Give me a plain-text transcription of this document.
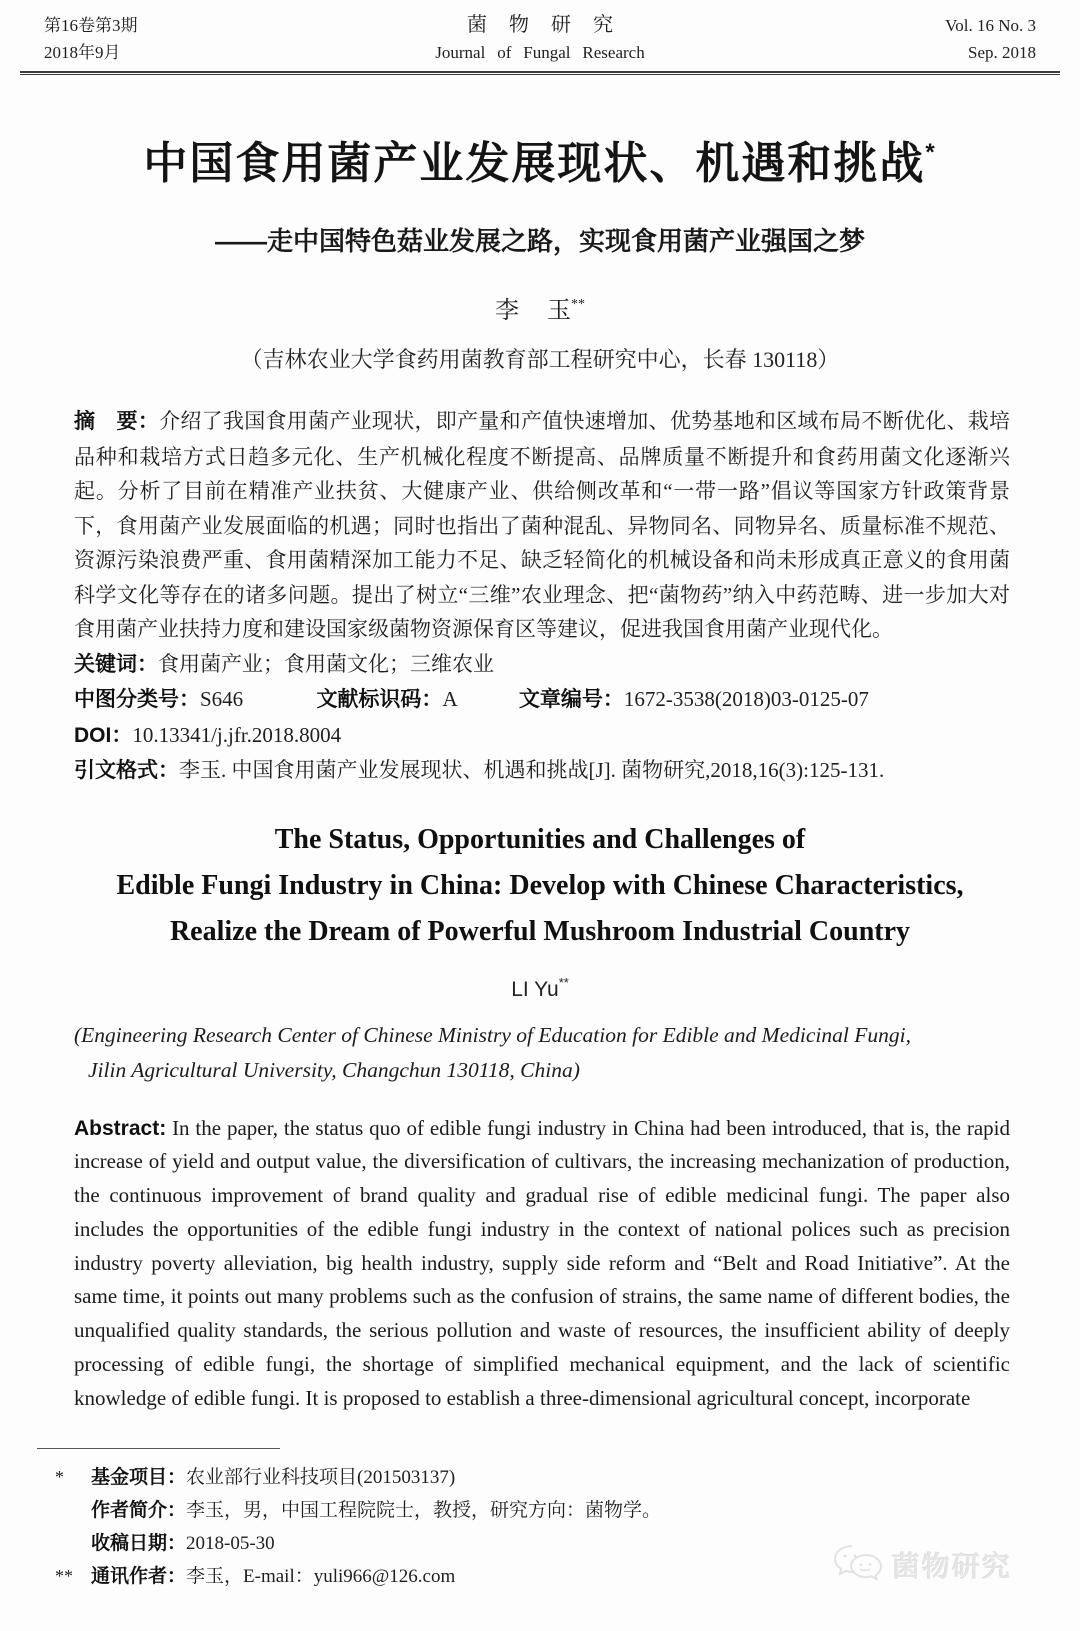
第16卷第3期
2018年9月
菌物研究
Journal of Fungal Research
Vol. 16 No. 3
Sep. 2018
中国食用菌产业发展现状、机遇和挑战*
——走中国特色菇业发展之路，实现食用菌产业强国之梦
李 玉**
（吉林农业大学食药用菌教育部工程研究中心，长春 130118）

摘　要：介绍了我国食用菌产业现状，即产量和产值快速增加、优势基地和区域布局不断优化、栽培品种和栽培方式日趋多元化、生产机械化程度不断提高、品牌质量不断提升和食药用菌文化逐渐兴起。分析了目前在精准产业扶贫、大健康产业、供给侧改革和“一带一路”倡议等国家方针政策背景下，食用菌产业发展面临的机遇；同时也指出了菌种混乱、异物同名、同物异名、质量标准不规范、资源污染浪费严重、食用菌精深加工能力不足、缺乏轻简化的机械设备和尚未形成真正意义的食用菌科学文化等存在的诸多问题。提出了树立“三维”农业理念、把“菌物药”纳入中药范畴、进一步加大对食用菌产业扶持力度和建设国家级菌物资源保育区等建议，促进我国食用菌产业现代化。

关键词：食用菌产业；食用菌文化；三维农业

中图分类号：S646	文献标识码：A	文章编号：1672-3538(2018)03-0125-07

DOI：10.13341/j.jfr.2018.8004

引文格式：李玉. 中国食用菌产业发展现状、机遇和挑战[J]. 菌物研究,2018,16(3):125-131.

The Status, Opportunities and Challenges of
Edible Fungi Industry in China: Develop with Chinese Characteristics,
Realize the Dream of Powerful Mushroom Industrial Country
LI Yu**
(Engineering Research Center of Chinese Ministry of Education for Edible and Medicinal Fungi,
Jilin Agricultural University, Changchun 130118, China)

Abstract: In the paper, the status quo of edible fungi industry in China had been introduced, that is, the rapid increase of yield and output value, the diversification of cultivars, the increasing mechanization of production, the continuous improvement of brand quality and gradual rise of edible medicinal fungi. The paper also includes the opportunities of the edible fungi industry in the context of national polices such as precision industry poverty alleviation, big health industry, supply side reform and “Belt and Road Initiative”. At the same time, it points out many problems such as the confusion of strains, the same name of different bodies, the unqualified quality standards, the serious pollution and waste of resources, the insufficient ability of deeply processing of edible fungi, the shortage of simplified mechanical equipment, and the lack of scientific knowledge of edible fungi. It is proposed to establish a three-dimensional agricultural concept, incorporate

*	基金项目：农业部行业科技项目(201503137)
作者简介：李玉，男，中国工程院院士，教授，研究方向：菌物学。
收稿日期：2018-05-30
** 通讯作者：李玉，E-mail：yuli966@126.com	菌物研究
